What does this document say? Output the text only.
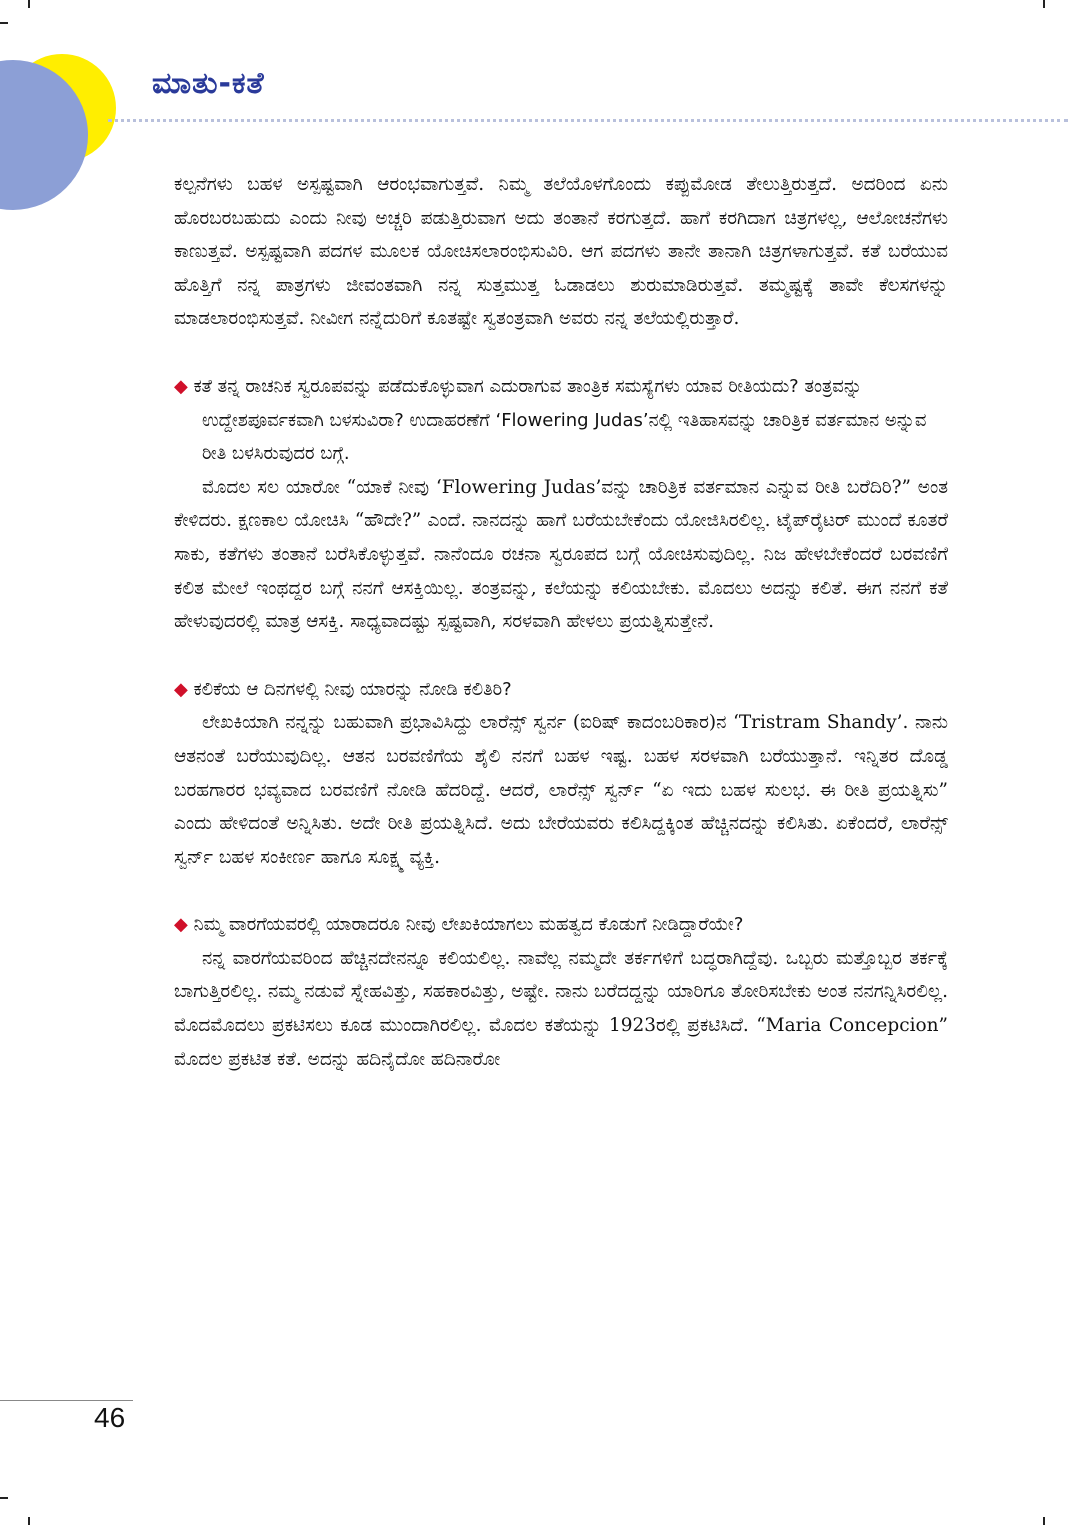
ಮಾತು-ಕತೆ

ಕಲ್ಪನೆಗಳು ಬಹಳ ಅಸ್ಪಷ್ಟವಾಗಿ ಆರಂಭವಾಗುತ್ತವೆ. ನಿಮ್ಮ ತಲೆಯೊಳಗೊಂದು ಕಪ್ಪುಮೋಡ ತೇಲುತ್ತಿರುತ್ತದೆ. ಅದರಿಂದ ಏನು ಹೊರಬರಬಹುದು ಎಂದು ನೀವು ಅಚ್ಚರಿ ಪಡುತ್ತಿರುವಾಗ ಅದು ತಂತಾನೆ ಕರಗುತ್ತದೆ. ಹಾಗೆ ಕರಗಿದಾಗ ಚಿತ್ರಗಳಲ್ಲ, ಆಲೋಚನೆಗಳು ಕಾಣುತ್ತವೆ. ಅಸ್ಪಷ್ಟವಾಗಿ ಪದಗಳ ಮೂಲಕ ಯೋಚಿಸಲಾರಂಭಿಸುವಿರಿ. ಆಗ ಪದಗಳು ತಾನೇ ತಾನಾಗಿ ಚಿತ್ರಗಳಾಗುತ್ತವೆ. ಕತೆ ಬರೆಯುವ ಹೊತ್ತಿಗೆ ನನ್ನ ಪಾತ್ರಗಳು ಜೀವಂತವಾಗಿ ನನ್ನ ಸುತ್ತಮುತ್ತ ಓಡಾಡಲು ಶುರುಮಾಡಿರುತ್ತವೆ. ತಮ್ಮಷ್ಟಕ್ಕೆ ತಾವೇ ಕೆಲಸಗಳನ್ನು ಮಾಡಲಾರಂಭಿಸುತ್ತವೆ. ನೀವೀಗ ನನ್ನೆದುರಿಗೆ ಕೂತಷ್ಟೇ ಸ್ವತಂತ್ರವಾಗಿ ಅವರು ನನ್ನ ತಲೆಯಲ್ಲಿರುತ್ತಾರೆ.

◆ ಕತೆ ತನ್ನ ರಾಚನಿಕ ಸ್ವರೂಪವನ್ನು ಪಡೆದುಕೊಳ್ಳುವಾಗ ಎದುರಾಗುವ ತಾಂತ್ರಿಕ ಸಮಸ್ಯೆಗಳು ಯಾವ ರೀತಿಯದು? ತಂತ್ರವನ್ನು ಉದ್ದೇಶಪೂರ್ವಕವಾಗಿ ಬಳಸುವಿರಾ? ಉದಾಹರಣೆಗೆ ‘Flowering Judas’ನಲ್ಲಿ ಇತಿಹಾಸವನ್ನು ಚಾರಿತ್ರಿಕ ವರ್ತಮಾನ ಅನ್ನುವ ರೀತಿ ಬಳಸಿರುವುದರ ಬಗ್ಗೆ.

ಮೊದಲ ಸಲ ಯಾರೋ “ಯಾಕೆ ನೀವು ‘Flowering Judas’ವನ್ನು ಚಾರಿತ್ರಿಕ ವರ್ತಮಾನ ಎನ್ನುವ ರೀತಿ ಬರೆದಿರಿ?” ಅಂತ ಕೇಳಿದರು. ಕ್ಷಣಕಾಲ ಯೋಚಿಸಿ “ಹೌದೇ?” ಎಂದೆ. ನಾನದನ್ನು ಹಾಗೆ ಬರೆಯಬೇಕೆಂದು ಯೋಜಿಸಿರಲಿಲ್ಲ. ಟೈಪ್‌ರೈಟರ್ ಮುಂದೆ ಕೂತರೆ ಸಾಕು, ಕತೆಗಳು ತಂತಾನೆ ಬರೆಸಿಕೊಳ್ಳುತ್ತವೆ. ನಾನೆಂದೂ ರಚನಾ ಸ್ವರೂಪದ ಬಗ್ಗೆ ಯೋಚಿಸುವುದಿಲ್ಲ. ನಿಜ ಹೇಳಬೇಕೆಂದರೆ ಬರವಣಿಗೆ ಕಲಿತ ಮೇಲೆ ಇಂಥದ್ದರ ಬಗ್ಗೆ ನನಗೆ ಆಸಕ್ತಿಯಿಲ್ಲ. ತಂತ್ರವನ್ನು, ಕಲೆಯನ್ನು ಕಲಿಯಬೇಕು. ಮೊದಲು ಅದನ್ನು ಕಲಿತೆ. ಈಗ ನನಗೆ ಕತೆ ಹೇಳುವುದರಲ್ಲಿ ಮಾತ್ರ ಆಸಕ್ತಿ. ಸಾಧ್ಯವಾದಷ್ಟು ಸ್ಪಷ್ಟವಾಗಿ, ಸರಳವಾಗಿ ಹೇಳಲು ಪ್ರಯತ್ನಿಸುತ್ತೇನೆ.

◆ ಕಲಿಕೆಯ ಆ ದಿನಗಳಲ್ಲಿ ನೀವು ಯಾರನ್ನು ನೋಡಿ ಕಲಿತಿರಿ?

ಲೇಖಕಿಯಾಗಿ ನನ್ನನ್ನು ಬಹುವಾಗಿ ಪ್ರಭಾವಿಸಿದ್ದು ಲಾರೆನ್ಸ್ ಸ್ವರ್ನ (ಐರಿಷ್ ಕಾದಂಬರಿಕಾರ)ನ ‘Tristram Shandy’. ನಾನು ಆತನಂತೆ ಬರೆಯುವುದಿಲ್ಲ. ಆತನ ಬರವಣಿಗೆಯ ಶೈಲಿ ನನಗೆ ಬಹಳ ಇಷ್ಟ. ಬಹಳ ಸರಳವಾಗಿ ಬರೆಯುತ್ತಾನೆ. ಇನ್ನಿತರ ದೊಡ್ಡ ಬರಹಗಾರರ ಭವ್ಯವಾದ ಬರವಣಿಗೆ ನೋಡಿ ಹೆದರಿದ್ದೆ. ಆದರೆ, ಲಾರೆನ್ಸ್ ಸ್ವರ್ನ್ “ಏ ಇದು ಬಹಳ ಸುಲಭ. ಈ ರೀತಿ ಪ್ರಯತ್ನಿಸು” ಎಂದು ಹೇಳಿದಂತೆ ಅನ್ನಿಸಿತು. ಅದೇ ರೀತಿ ಪ್ರಯತ್ನಿಸಿದೆ. ಅದು ಬೇರೆಯವರು ಕಲಿಸಿದ್ದಕ್ಕಿಂತ ಹೆಚ್ಚಿನದನ್ನು ಕಲಿಸಿತು. ಏಕೆಂದರೆ, ಲಾರೆನ್ಸ್ ಸ್ವರ್ನ್ ಬಹಳ ಸಂಕೀರ್ಣ ಹಾಗೂ ಸೂಕ್ಷ್ಮ ವ್ಯಕ್ತಿ.

◆ ನಿಮ್ಮ ವಾರಗೆಯವರಲ್ಲಿ ಯಾರಾದರೂ ನೀವು ಲೇಖಕಿಯಾಗಲು ಮಹತ್ವದ ಕೊಡುಗೆ ನೀಡಿದ್ದಾರೆಯೇ?

ನನ್ನ ವಾರಗೆಯವರಿಂದ ಹೆಚ್ಚಿನದೇನನ್ನೂ ಕಲಿಯಲಿಲ್ಲ. ನಾವೆಲ್ಲ ನಮ್ಮದೇ ತರ್ಕಗಳಿಗೆ ಬದ್ಧರಾಗಿದ್ದೆವು. ಒಬ್ಬರು ಮತ್ತೊಬ್ಬರ ತರ್ಕಕ್ಕೆ ಬಾಗುತ್ತಿರಲಿಲ್ಲ. ನಮ್ಮ ನಡುವೆ ಸ್ನೇಹವಿತ್ತು, ಸಹಕಾರವಿತ್ತು, ಅಷ್ಟೇ. ನಾನು ಬರೆದದ್ದನ್ನು ಯಾರಿಗೂ ತೋರಿಸಬೇಕು ಅಂತ ನನಗನ್ನಿಸಿರಲಿಲ್ಲ. ಮೊದಮೊದಲು ಪ್ರಕಟಿಸಲು ಕೂಡ ಮುಂದಾಗಿರಲಿಲ್ಲ. ಮೊದಲ ಕತೆಯನ್ನು 1923ರಲ್ಲಿ ಪ್ರಕಟಿಸಿದೆ. “Maria Concepcion” ಮೊದಲ ಪ್ರಕಟಿತ ಕತೆ. ಅದನ್ನು ಹದಿನೈದೋ ಹದಿನಾರೋ

46
